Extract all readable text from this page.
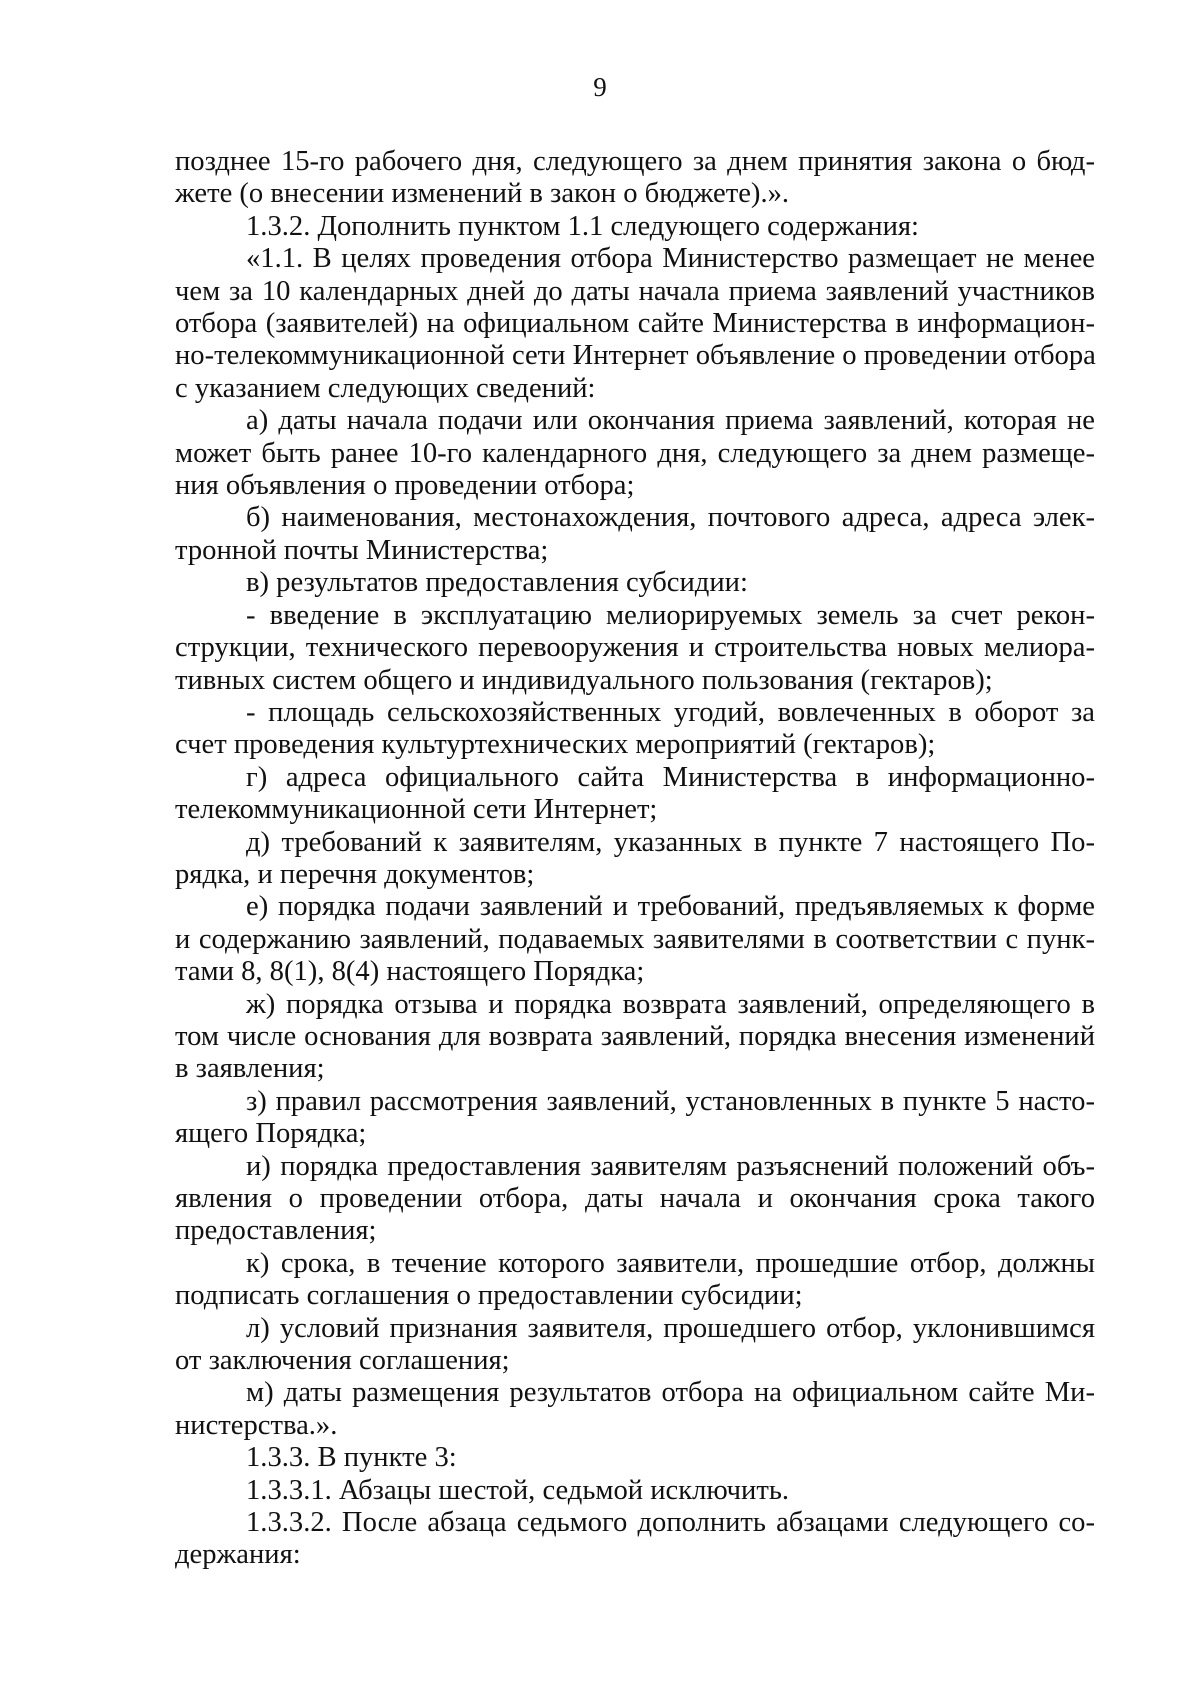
9
позднее 15-го рабочего дня, следующего за днем принятия закона о бюд-
жете (о внесении изменений в закон о бюджете).».
1.3.2. Дополнить пунктом 1.1 следующего содержания:
«1.1. В целях проведения отбора Министерство размещает не менее
чем за 10 календарных дней до даты начала приема заявлений участников
отбора (заявителей) на официальном сайте Министерства в информацион-
но-телекоммуникационной сети Интернет объявление о проведении отбора
с указанием следующих сведений:
а) даты начала подачи или окончания приема заявлений, которая не
может быть ранее 10-го календарного дня, следующего за днем размеще-
ния объявления о проведении отбора;
б) наименования, местонахождения, почтового адреса, адреса элек-
тронной почты Министерства;
в) результатов предоставления субсидии:
- введение в эксплуатацию мелиорируемых земель за счет рекон-
струкции, технического перевооружения и строительства новых мелиора-
тивных систем общего и индивидуального пользования (гектаров);
- площадь сельскохозяйственных угодий, вовлеченных в оборот за
счет проведения культуртехнических мероприятий (гектаров);
г) адреса официального сайта Министерства в информационно-
телекоммуникационной сети Интернет;
д) требований к заявителям, указанных в пункте 7 настоящего По-
рядка, и перечня документов;
е) порядка подачи заявлений и требований, предъявляемых к форме
и содержанию заявлений, подаваемых заявителями в соответствии с пунк-
тами 8, 8(1), 8(4) настоящего Порядка;
ж) порядка отзыва и порядка возврата заявлений, определяющего в
том числе основания для возврата заявлений, порядка внесения изменений
в заявления;
з) правил рассмотрения заявлений, установленных в пункте 5 насто-
ящего Порядка;
и) порядка предоставления заявителям разъяснений положений объ-
явления о проведении отбора, даты начала и окончания срока такого
предоставления;
к) срока, в течение которого заявители, прошедшие отбор, должны
подписать соглашения о предоставлении субсидии;
л) условий признания заявителя, прошедшего отбор, уклонившимся
от заключения соглашения;
м) даты размещения результатов отбора на официальном сайте Ми-
нистерства.».
1.3.3. В пункте 3:
1.3.3.1. Абзацы шестой, седьмой исключить.
1.3.3.2. После абзаца седьмого дополнить абзацами следующего со-
держания:
